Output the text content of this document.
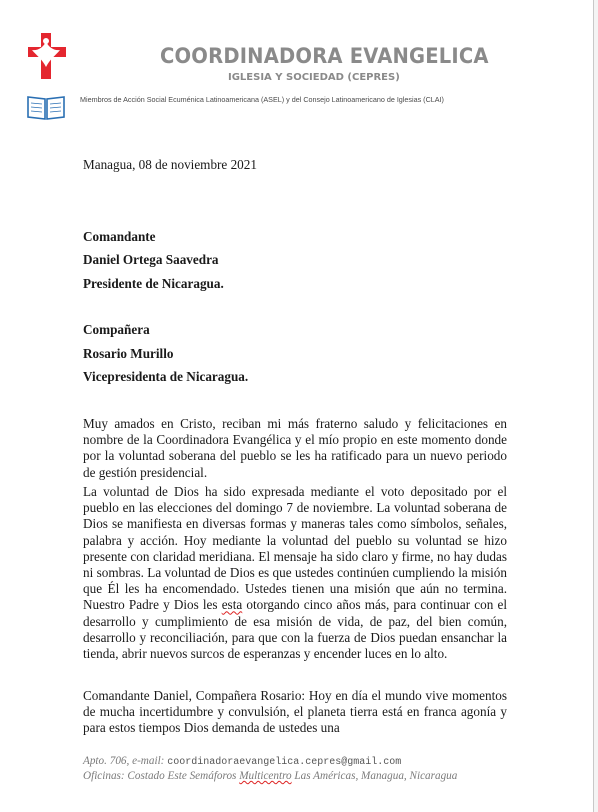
COORDINADORA EVANGELICA
IGLESIA Y SOCIEDAD (CEPRES)
Miembros de Acción Social Ecuménica Latinoamericana (ASEL) y del Consejo Latinoamericano de Iglesias (CLAI)
Managua, 08 de noviembre 2021
Comandante
Daniel Ortega Saavedra
Presidente de Nicaragua.
Compañera
Rosario Murillo
Vicepresidenta de Nicaragua.
Muy amados en Cristo, reciban mi más fraterno saludo y felicitaciones en nombre de la Coordinadora Evangélica y el mío propio en este momento donde por la voluntad soberana del pueblo se les ha ratificado para un nuevo periodo de gestión presidencial.
La voluntad de Dios ha sido expresada mediante el voto depositado por el pueblo en las elecciones del domingo 7 de noviembre. La voluntad soberana de Dios se manifiesta en diversas formas y maneras tales como símbolos, señales, palabra y acción. Hoy mediante la voluntad del pueblo su voluntad se hizo presente con claridad meridiana. El mensaje ha sido claro y firme, no hay dudas ni sombras. La voluntad de Dios es que ustedes continúen cumpliendo la misión que Él les ha encomendado. Ustedes tienen una misión que aún no termina. Nuestro Padre y Dios les esta otorgando cinco años más, para continuar con el desarrollo y cumplimiento de esa misión de vida, de paz, del bien común, desarrollo y reconciliación, para que con la fuerza de Dios puedan ensanchar la tienda, abrir nuevos surcos de esperanzas y encender luces en lo alto.
Comandante Daniel, Compañera Rosario: Hoy en día el mundo vive momentos de mucha incertidumbre y convulsión, el planeta tierra está en franca agonía y para estos tiempos Dios demanda de ustedes una
Apto. 706, e-mail: coordinadoraevangelica.cepres@gmail.com
Oficinas: Costado Este Semáforos Multicentro Las Américas, Managua, Nicaragua
